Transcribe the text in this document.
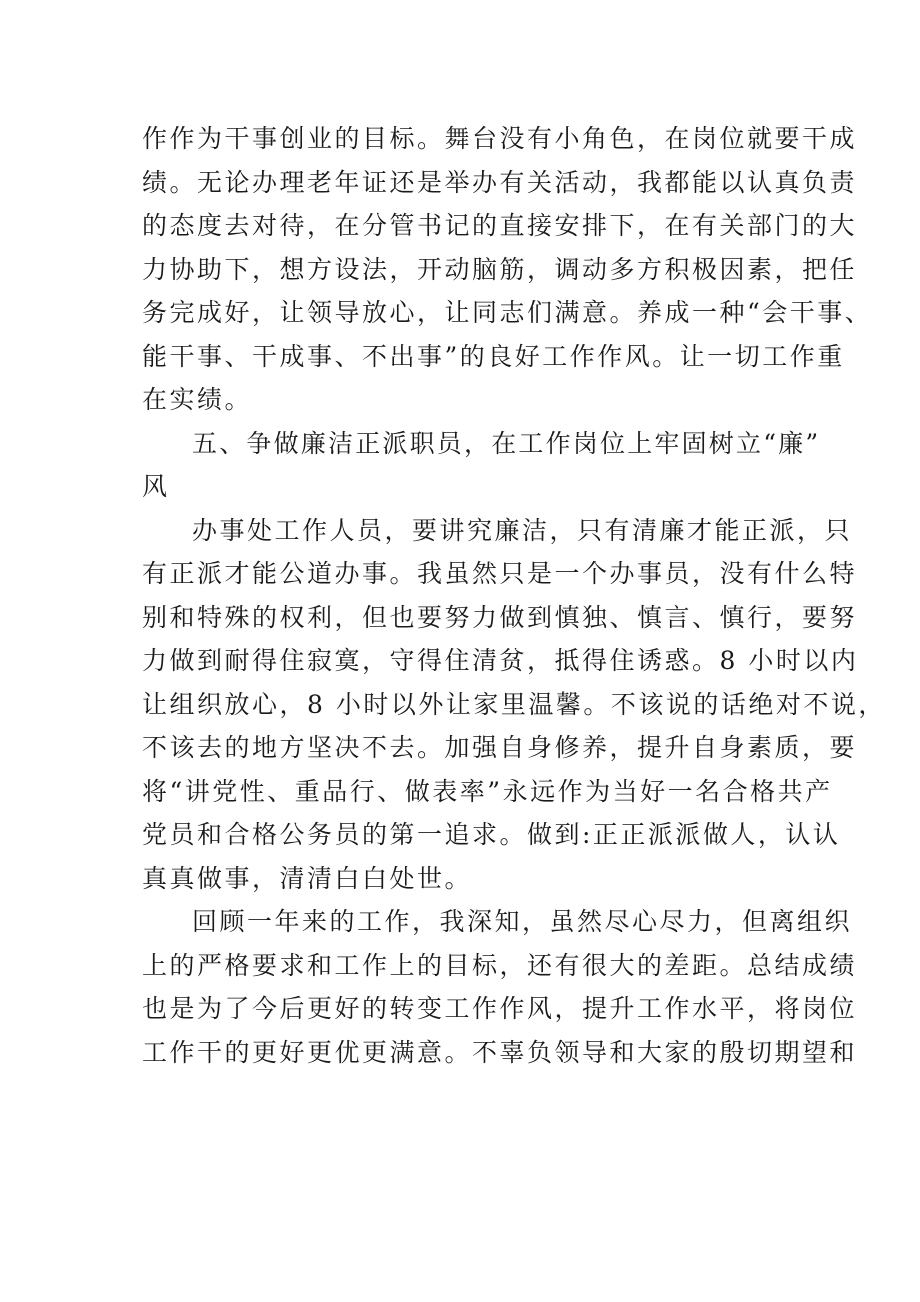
作作为干事创业的目标。舞台没有小角色，在岗位就要干成
绩。无论办理老年证还是举办有关活动，我都能以认真负责
的态度去对待，在分管书记的直接安排下，在有关部门的大
力协助下，想方设法，开动脑筋，调动多方积极因素，把任
务完成好，让领导放心，让同志们满意。养成一种“会干事、
能干事、干成事、不出事”的良好工作作风。让一切工作重
在实绩。
五、争做廉洁正派职员，在工作岗位上牢固树立“廉”
风
办事处工作人员，要讲究廉洁，只有清廉才能正派，只
有正派才能公道办事。我虽然只是一个办事员，没有什么特
别和特殊的权利，但也要努力做到慎独、慎言、慎行，要努
力做到耐得住寂寞，守得住清贫，抵得住诱惑。8 小时以内
让组织放心，8 小时以外让家里温馨。不该说的话绝对不说，
不该去的地方坚决不去。加强自身修养，提升自身素质，要
将“讲党性、重品行、做表率”永远作为当好一名合格共产
党员和合格公务员的第一追求。做到:正正派派做人，认认
真真做事，清清白白处世。
回顾一年来的工作，我深知，虽然尽心尽力，但离组织
上的严格要求和工作上的目标，还有很大的差距。总结成绩
也是为了今后更好的转变工作作风，提升工作水平，将岗位
工作干的更好更优更满意。不辜负领导和大家的殷切期望和
